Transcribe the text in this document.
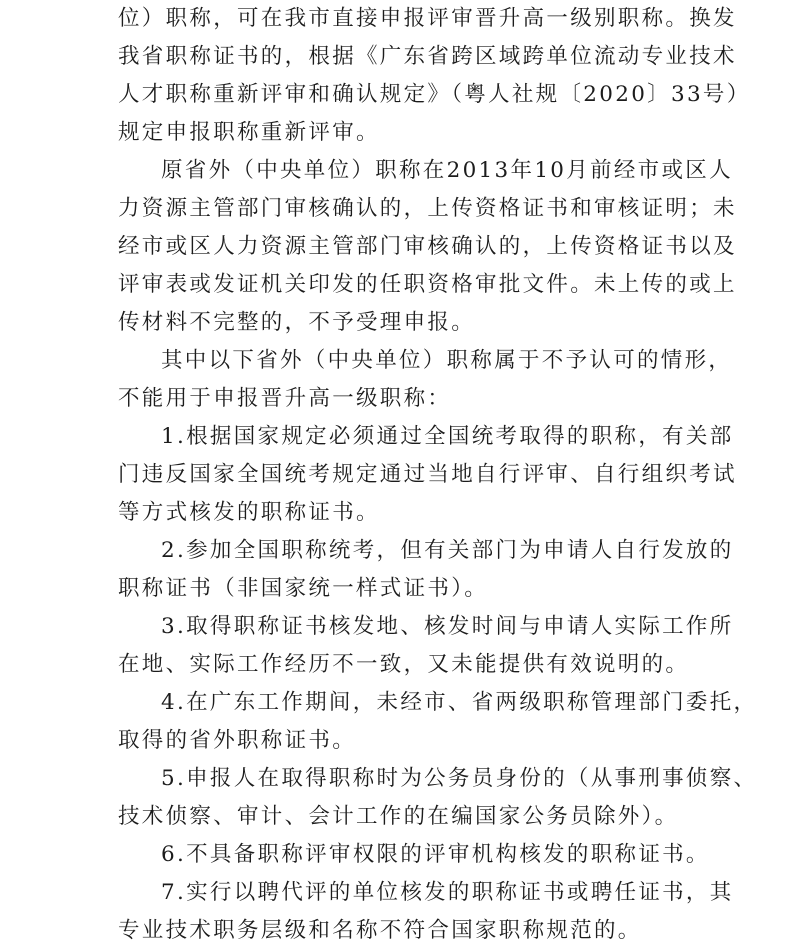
位）职称，可在我市直接申报评审晋升高一级别职称。换发
我省职称证书的，根据《广东省跨区域跨单位流动专业技术
人才职称重新评审和确认规定》（粤人社规〔2020〕33号）
规定申报职称重新评审。
原省外（中央单位）职称在2013年10月前经市或区人
力资源主管部门审核确认的，上传资格证书和审核证明；未
经市或区人力资源主管部门审核确认的，上传资格证书以及
评审表或发证机关印发的任职资格审批文件。未上传的或上
传材料不完整的，不予受理申报。
其中以下省外（中央单位）职称属于不予认可的情形，
不能用于申报晋升高一级职称：
1.根据国家规定必须通过全国统考取得的职称，有关部
门违反国家全国统考规定通过当地自行评审、自行组织考试
等方式核发的职称证书。
2.参加全国职称统考，但有关部门为申请人自行发放的
职称证书（非国家统一样式证书）。
3.取得职称证书核发地、核发时间与申请人实际工作所
在地、实际工作经历不一致，又未能提供有效说明的。
4.在广东工作期间，未经市、省两级职称管理部门委托，
取得的省外职称证书。
5.申报人在取得职称时为公务员身份的（从事刑事侦察、
技术侦察、审计、会计工作的在编国家公务员除外）。
6.不具备职称评审权限的评审机构核发的职称证书。
7.实行以聘代评的单位核发的职称证书或聘任证书，其
专业技术职务层级和名称不符合国家职称规范的。
